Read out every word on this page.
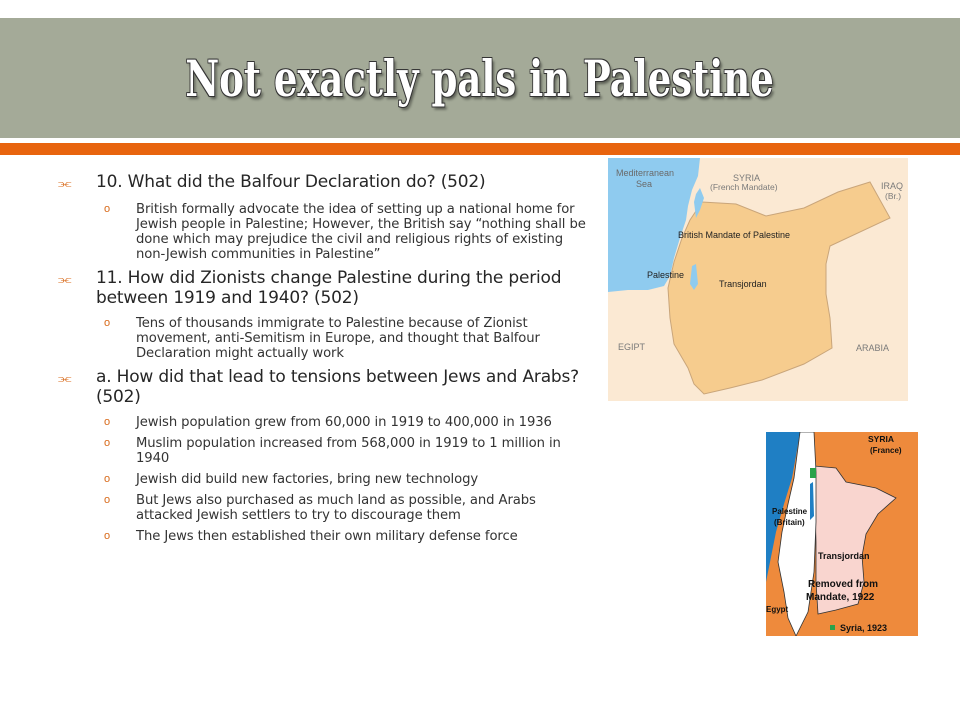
Not exactly pals in Palestine
⫘	10. What did the Balfour Declaration do? (502)
o	British formally advocate the idea of setting up a national home for Jewish people in Palestine; However, the British say “nothing shall be done which may prejudice the civil and religious rights of existing non-Jewish communities in Palestine”
⫘	11. How did Zionists change Palestine during the period between 1919 and 1940? (502)
o	Tens of thousands immigrate to Palestine because of Zionist movement, anti-Semitism in Europe, and thought that Balfour Declaration might actually work
⫘	a. How did that lead to tensions between Jews and Arabs? (502)
o	Jewish population grew from 60,000 in 1919 to 400,000 in 1936
o	Muslim population increased from 568,000 in 1919 to 1 million in 1940
o	Jewish did build new factories, bring new technology
o	But Jews also purchased as much land as possible, and Arabs attacked Jewish settlers to try to discourage them
o	The Jews then established their own military defense force
Mediterranean
Sea
SYRIA
(French Mandate)	IRAQ
(Br.)
British Mandate of Palestine
Palestine
Transjordan
EGIPT	ARABIA
SYRIA
(France)
Palestine
(Britain)
Transjordan
Removed from
Mandate, 1922
Egypt
Syria, 1923
